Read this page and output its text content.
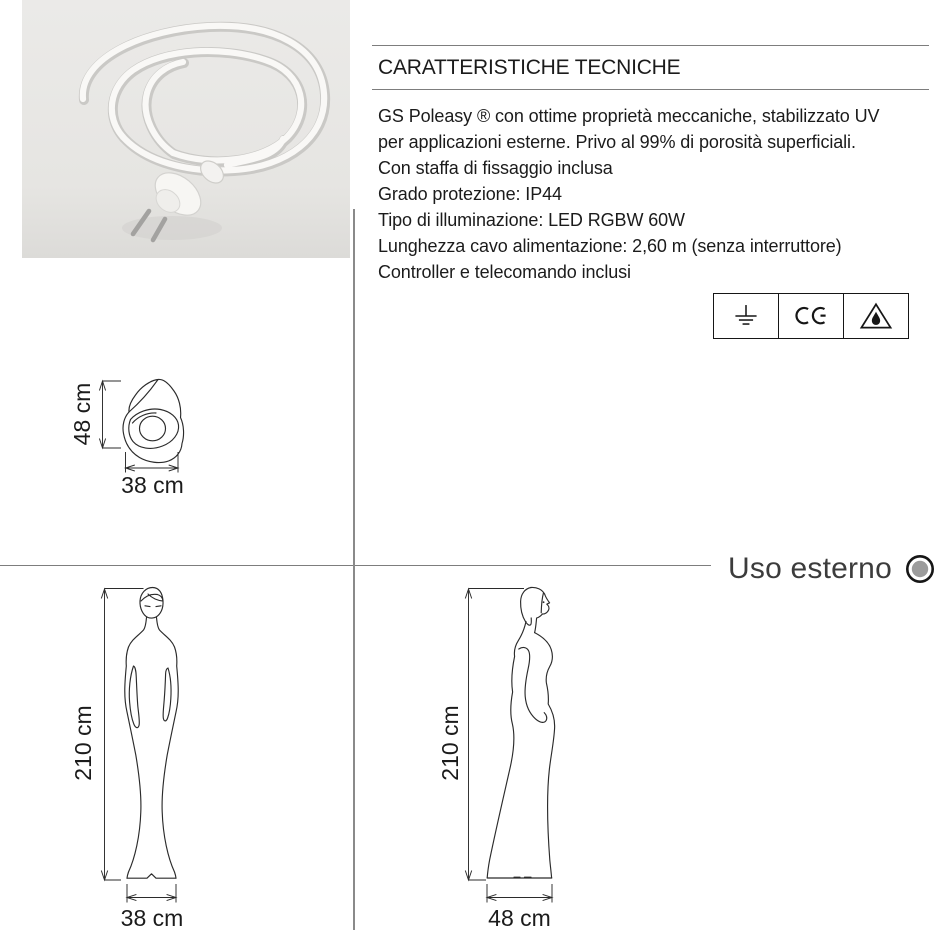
CARATTERISTICHE TECNICHE
GS Poleasy ® con ottime proprietà meccaniche, stabilizzato UV
per applicazioni esterne. Privo al 99% di porosità superficiali.
Con staffa di fissaggio inclusa
Grado protezione: IP44
Tipo di illuminazione: LED RGBW 60W
Lunghezza cavo alimentazione: 2,60 m (senza interruttore)
Controller e telecomando inclusi
48 cm
38 cm
Uso esterno
210 cm
38 cm
210 cm
48 cm
